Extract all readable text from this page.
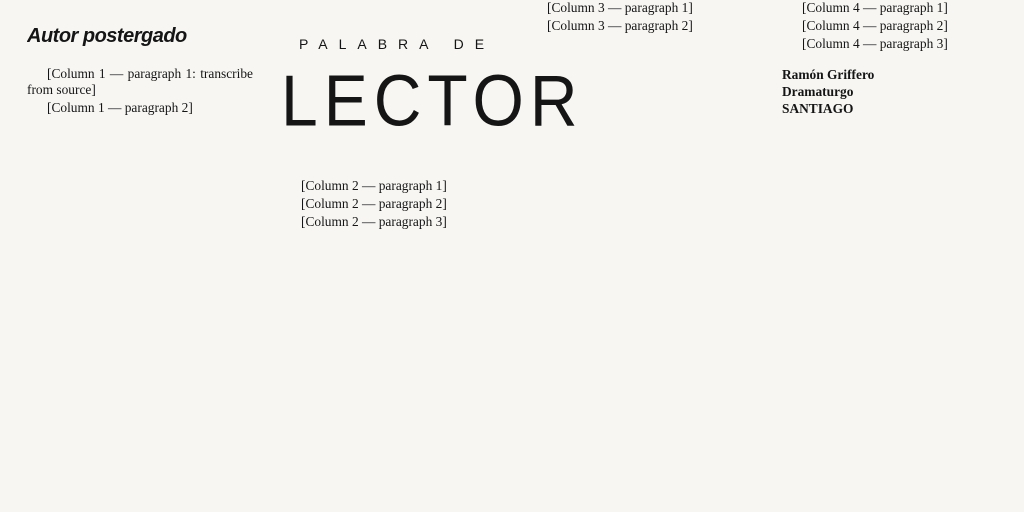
Autor postergado

[Column 1 — paragraph 1: transcribe from source]

[Column 1 — paragraph 2]

PALABRA DE
LECTOR

[Column 2 — paragraph 1]

[Column 2 — paragraph 2]

[Column 2 — paragraph 3]

[Column 3 — paragraph 1]

[Column 3 — paragraph 2]

[Column 4 — paragraph 1]

[Column 4 — paragraph 2]

[Column 4 — paragraph 3]

Ramón Griffero
Dramaturgo
SANTIAGO
